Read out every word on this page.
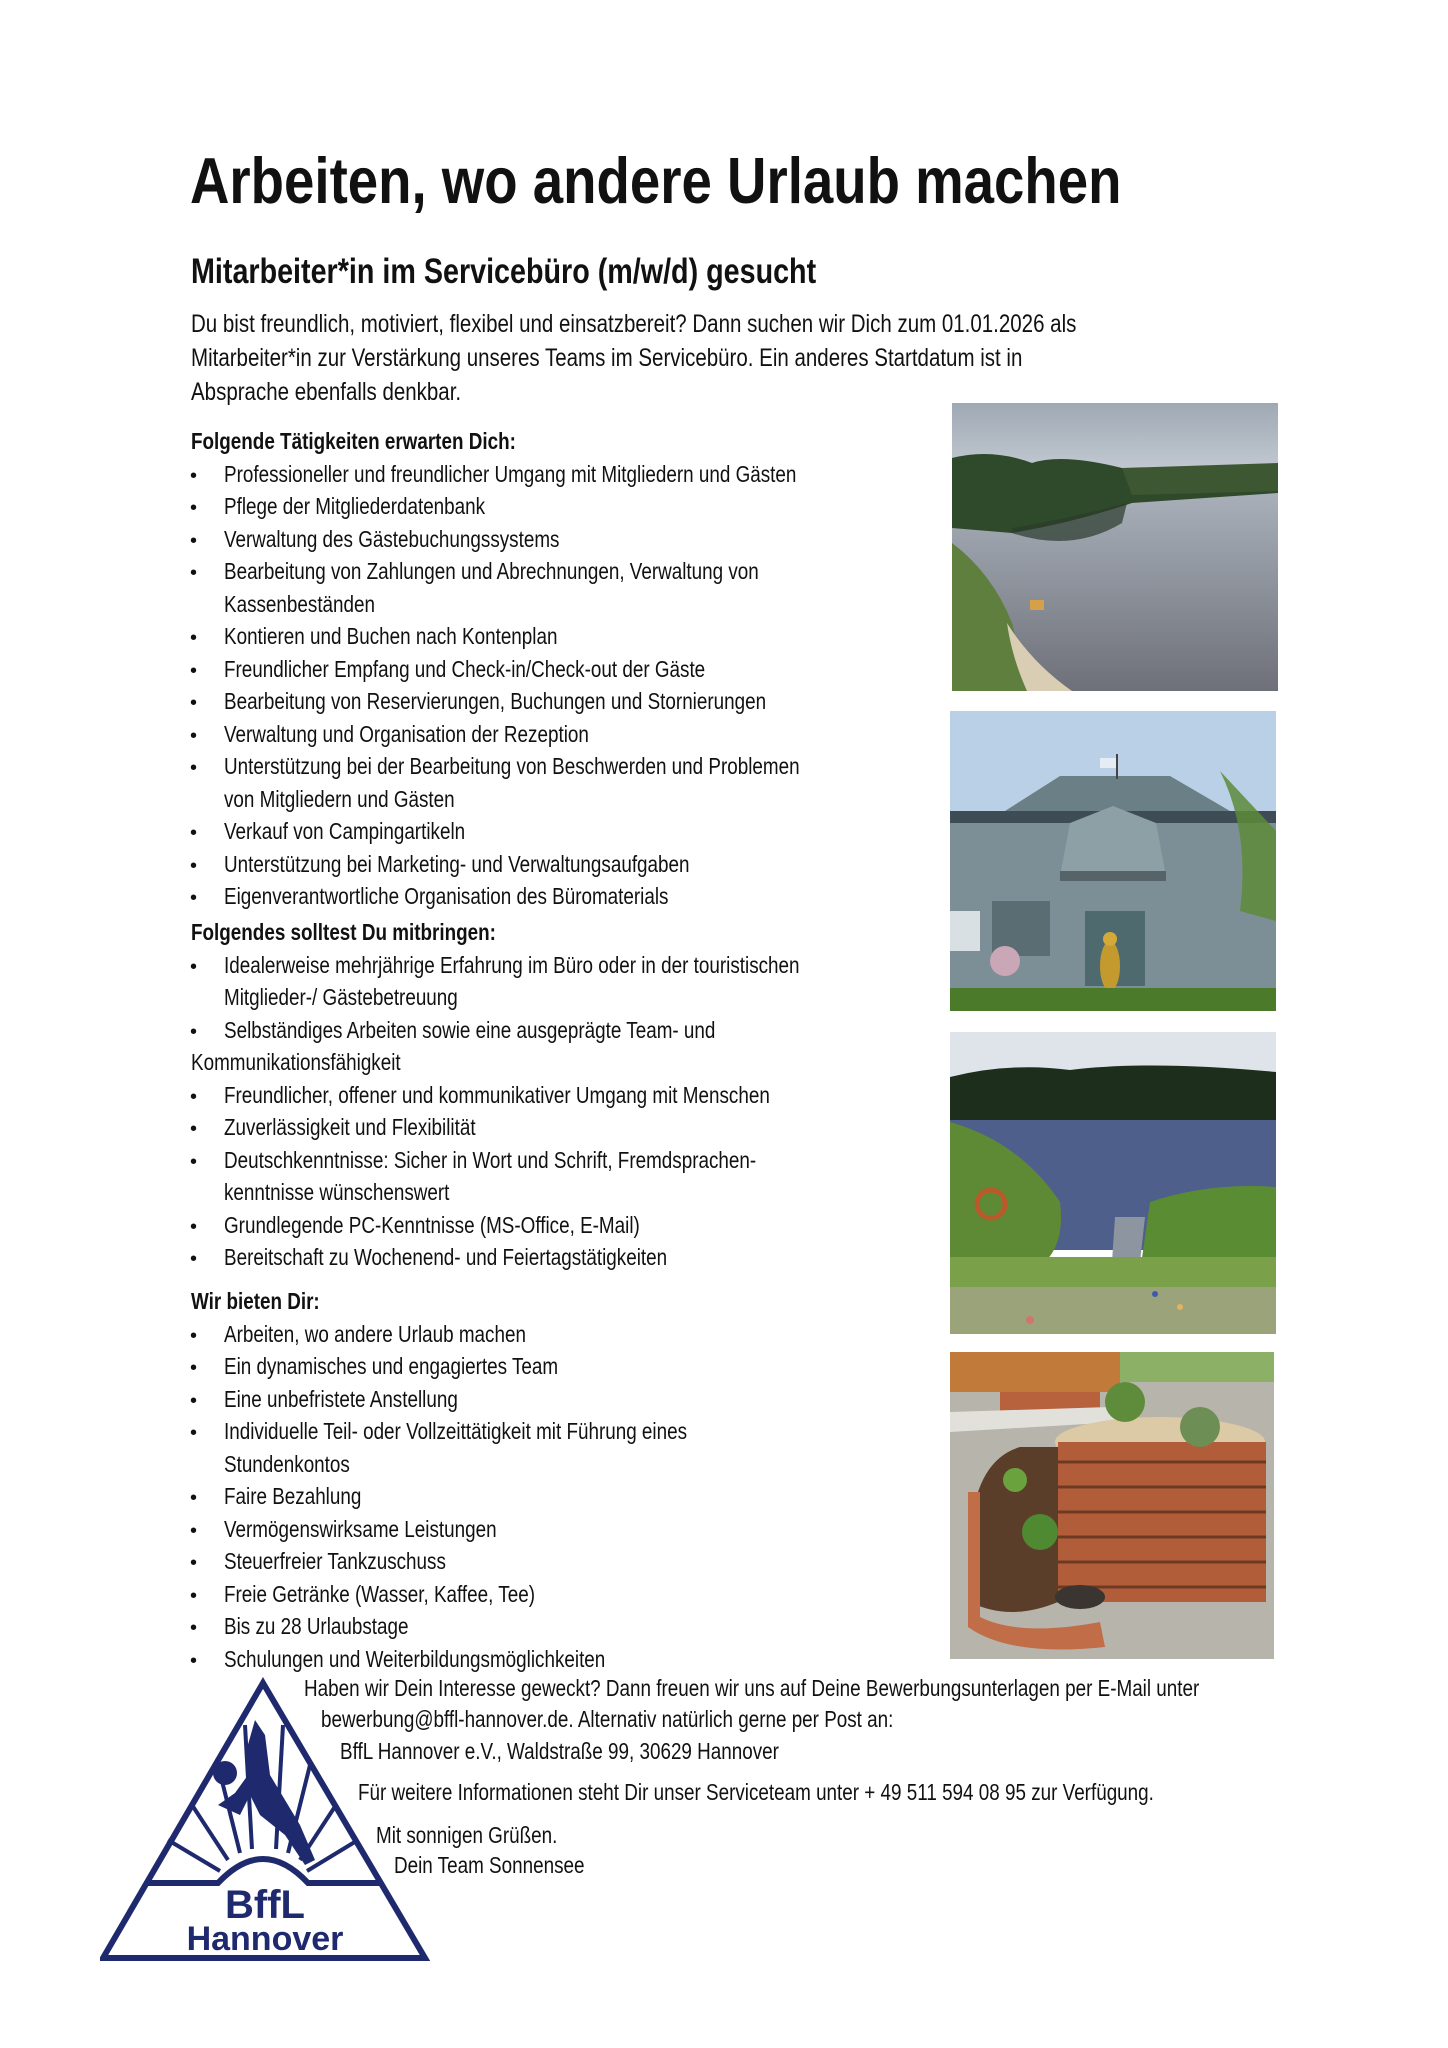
Arbeiten, wo andere Urlaub machen
Mitarbeiter*in im Servicebüro (m/w/d) gesucht
Du bist freundlich, motiviert, flexibel und einsatzbereit? Dann suchen wir Dich zum 01.01.2026 als
Mitarbeiter*in zur Verstärkung unseres Teams im Servicebüro. Ein anderes Startdatum ist in
Absprache ebenfalls denkbar.
Folgende Tätigkeiten erwarten Dich:
• Professioneller und freundlicher Umgang mit Mitgliedern und Gästen
• Pflege der Mitgliederdatenbank
• Verwaltung des Gästebuchungssystems
• Bearbeitung von Zahlungen und Abrechnungen, Verwaltung von
Kassenbeständen
• Kontieren und Buchen nach Kontenplan
• Freundlicher Empfang und Check-in/Check-out der Gäste
• Bearbeitung von Reservierungen, Buchungen und Stornierungen
• Verwaltung und Organisation der Rezeption
• Unterstützung bei der Bearbeitung von Beschwerden und Problemen
von Mitgliedern und Gästen
• Verkauf von Campingartikeln
• Unterstützung bei Marketing- und Verwaltungsaufgaben
• Eigenverantwortliche Organisation des Büromaterials
Folgendes solltest Du mitbringen:
• Idealerweise mehrjährige Erfahrung im Büro oder in der touristischen
Mitglieder-/ Gästebetreuung
• Selbständiges Arbeiten sowie eine ausgeprägte Team- und
Kommunikationsfähigkeit
• Freundlicher, offener und kommunikativer Umgang mit Menschen
• Zuverlässigkeit und Flexibilität
• Deutschkenntnisse: Sicher in Wort und Schrift, Fremdsprachen-
kenntnisse wünschenswert
• Grundlegende PC-Kenntnisse (MS-Office, E-Mail)
• Bereitschaft zu Wochenend- und Feiertagstätigkeiten
Wir bieten Dir:
• Arbeiten, wo andere Urlaub machen
• Ein dynamisches und engagiertes Team
• Eine unbefristete Anstellung
• Individuelle Teil- oder Vollzeittätigkeit mit Führung eines
Stundenkontos
• Faire Bezahlung
• Vermögenswirksame Leistungen
• Steuerfreier Tankzuschuss
• Freie Getränke (Wasser, Kaffee, Tee)
• Bis zu 28 Urlaubstage
• Schulungen und Weiterbildungsmöglichkeiten
Haben wir Dein Interesse geweckt? Dann freuen wir uns auf Deine Bewerbungsunterlagen per E-Mail unter
bewerbung@bffl-hannover.de. Alternativ natürlich gerne per Post an:
BffL Hannover e.V., Waldstraße 99, 30629 Hannover
Für weitere Informationen steht Dir unser Serviceteam unter + 49 511 594 08 95 zur Verfügung.
Mit sonnigen Grüßen.
Dein Team Sonnensee
BffL
Hannover
